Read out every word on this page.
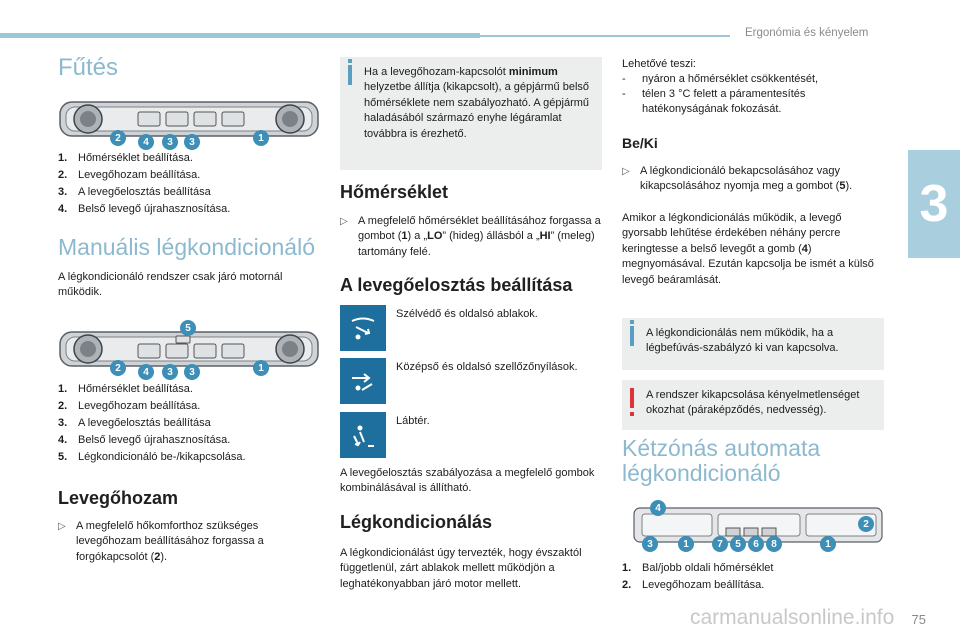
Ergonómia és kényelem
3
Fűtés
2	4	3	3	1
1. Hőmérséklet beállítása.
2. Levegőhozam beállítása.
3. A levegőelosztás beállítása
4. Belső levegő újrahasznosítása.
Manuális légkondicionáló
A légkondicionáló rendszer csak járó motornál működik.
5
2	4	3	3	1
1. Hőmérséklet beállítása.
2. Levegőhozam beállítása.
3. A levegőelosztás beállítása
4. Belső levegő újrahasznosítása.
5. Légkondicionáló be-/kikapcsolása.
Levegőhozam
▷ A megfelelő hőkomforthoz szükséges levegőhozam beállításához forgassa a forgókapcsolót (2).
Ha a levegőhozam-kapcsolót minimum helyzetbe állítja (kikapcsolt), a gépjármű belső hőmérséklete nem szabályozható. A gépjármű haladásából származó enyhe légáramlat továbbra is érezhető.
Hőmérséklet
▷ A megfelelő hőmérséklet beállításához forgassa a gombot (1) a „LO” (hideg) állásból a „HI” (meleg) tartomány felé.
A levegőelosztás beállítása
Szélvédő és oldalsó ablakok.
Középső és oldalsó szellőzőnyílások.
Lábtér.
A levegőelosztás szabályozása a megfelelő gombok kombinálásával is állítható.
Légkondicionálás
A légkondicionálást úgy tervezték, hogy évszaktól függetlenül, zárt ablakok mellett működjön a leghatékonyabban járó motor mellett.
Lehetővé teszi:
-	nyáron a hőmérséklet csökkentését,
-	télen 3 °C felett a páramentesítés hatékonyságának fokozását.
Be/Ki
▷ A légkondicionáló bekapcsolásához vagy kikapcsolásához nyomja meg a gombot (5).
Amikor a légkondicionálás működik, a levegő gyorsabb lehűtése érdekében néhány percre keringtesse a belső levegőt a gomb (4) megnyomásával. Ezután kapcsolja be ismét a külső levegő beáramlását.
A légkondicionálás nem működik, ha a légbefúvás-szabályzó ki van kapcsolva.
A rendszer kikapcsolása kényelmetlenséget okozhat (páraképződés, nedvesség).
Kétzónás automata légkondicionáló
4
2
3	1	7	5	6	8	1
1. Bal/jobb oldali hőmérséklet
2. Levegőhozam beállítása.
carmanualsonline.info 75
